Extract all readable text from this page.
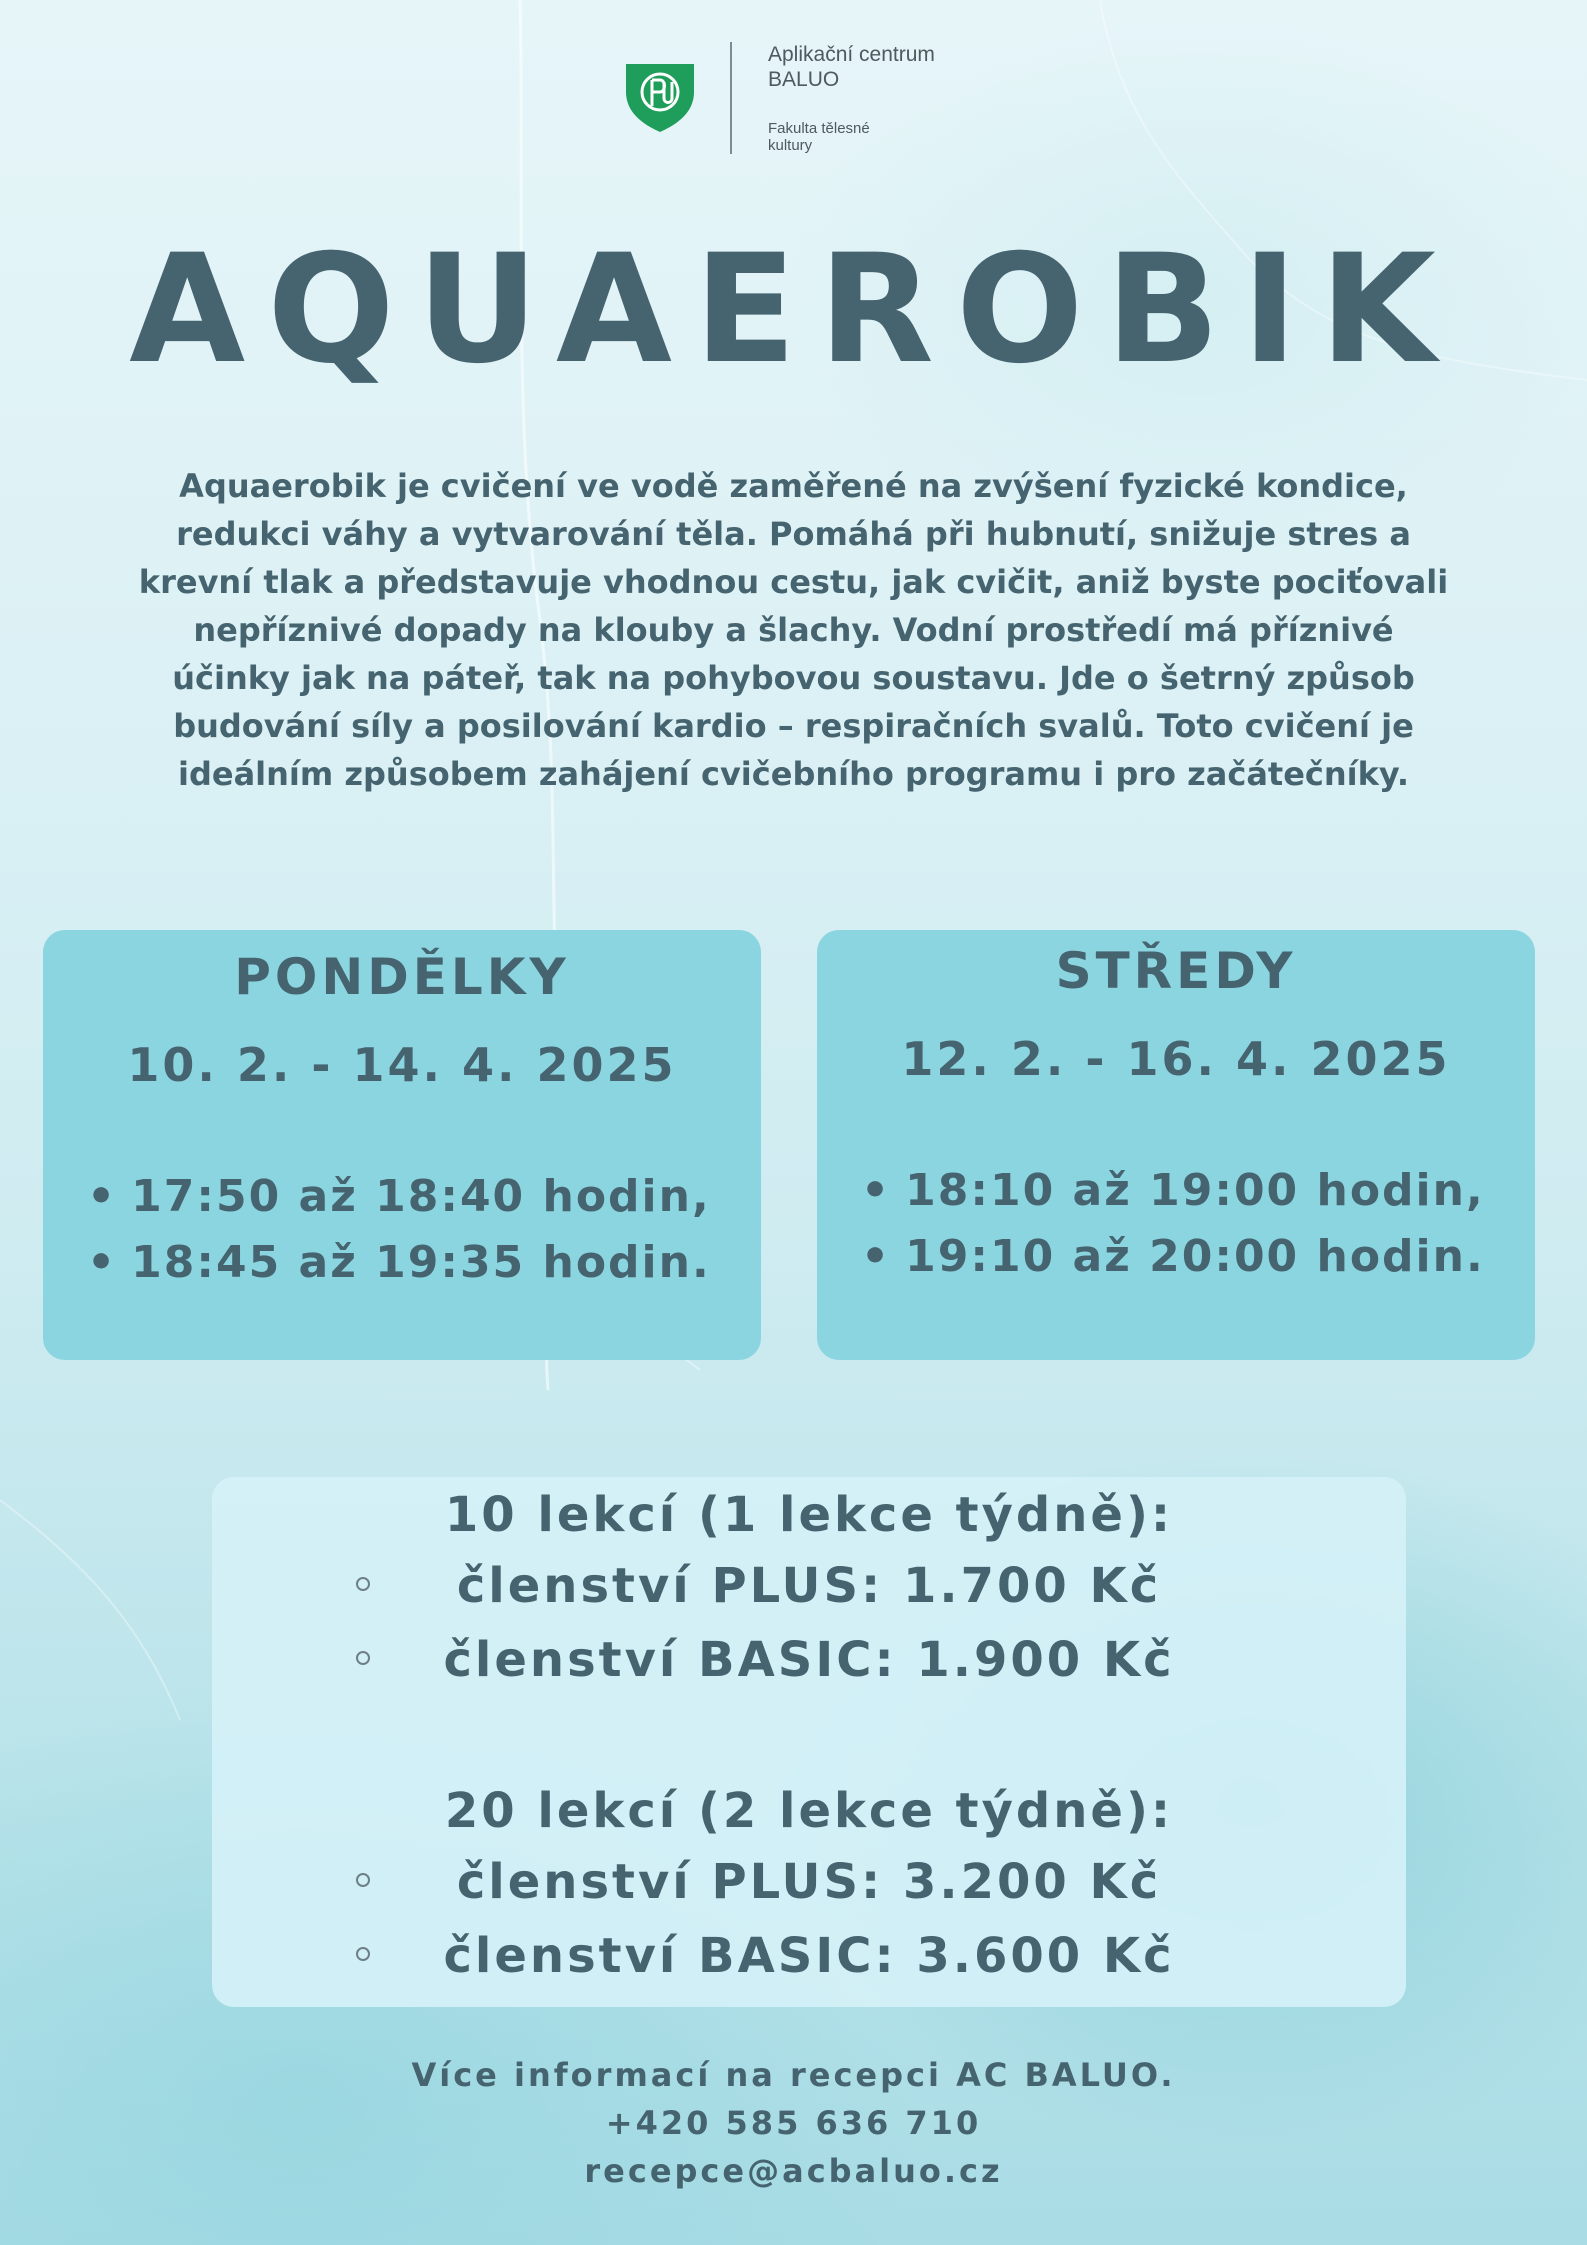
Aplikační centrum
BALUO
Fakulta tělesné
kultury
AQUAEROBIK
Aquaerobik je cvičení ve vodě zaměřené na zvýšení fyzické kondice, redukci váhy a vytvarování těla. Pomáhá při hubnutí, snižuje stres a krevní tlak a představuje vhodnou cestu, jak cvičit, aniž byste pociťovali nepříznivé dopady na klouby a šlachy. Vodní prostředí má příznivé účinky jak na páteř, tak na pohybovou soustavu. Jde o šetrný způsob budování síly a posilování kardio – respiračních svalů. Toto cvičení je ideálním způsobem zahájení cvičebního programu i pro začátečníky.
PONDĚLKY
10. 2. - 14. 4. 2025
• 17:50 až 18:40 hodin,
• 18:45 až 19:35 hodin.
STŘEDY
12. 2. - 16. 4. 2025
• 18:10 až 19:00 hodin,
• 19:10 až 20:00 hodin.
10 lekcí (1 lekce týdně):
členství PLUS: 1.700 Kč
členství BASIC: 1.900 Kč
20 lekcí (2 lekce týdně):
členství PLUS: 3.200 Kč
členství BASIC: 3.600 Kč
Více informací na recepci AC BALUO.
+420 585 636 710
recepce@acbaluo.cz
